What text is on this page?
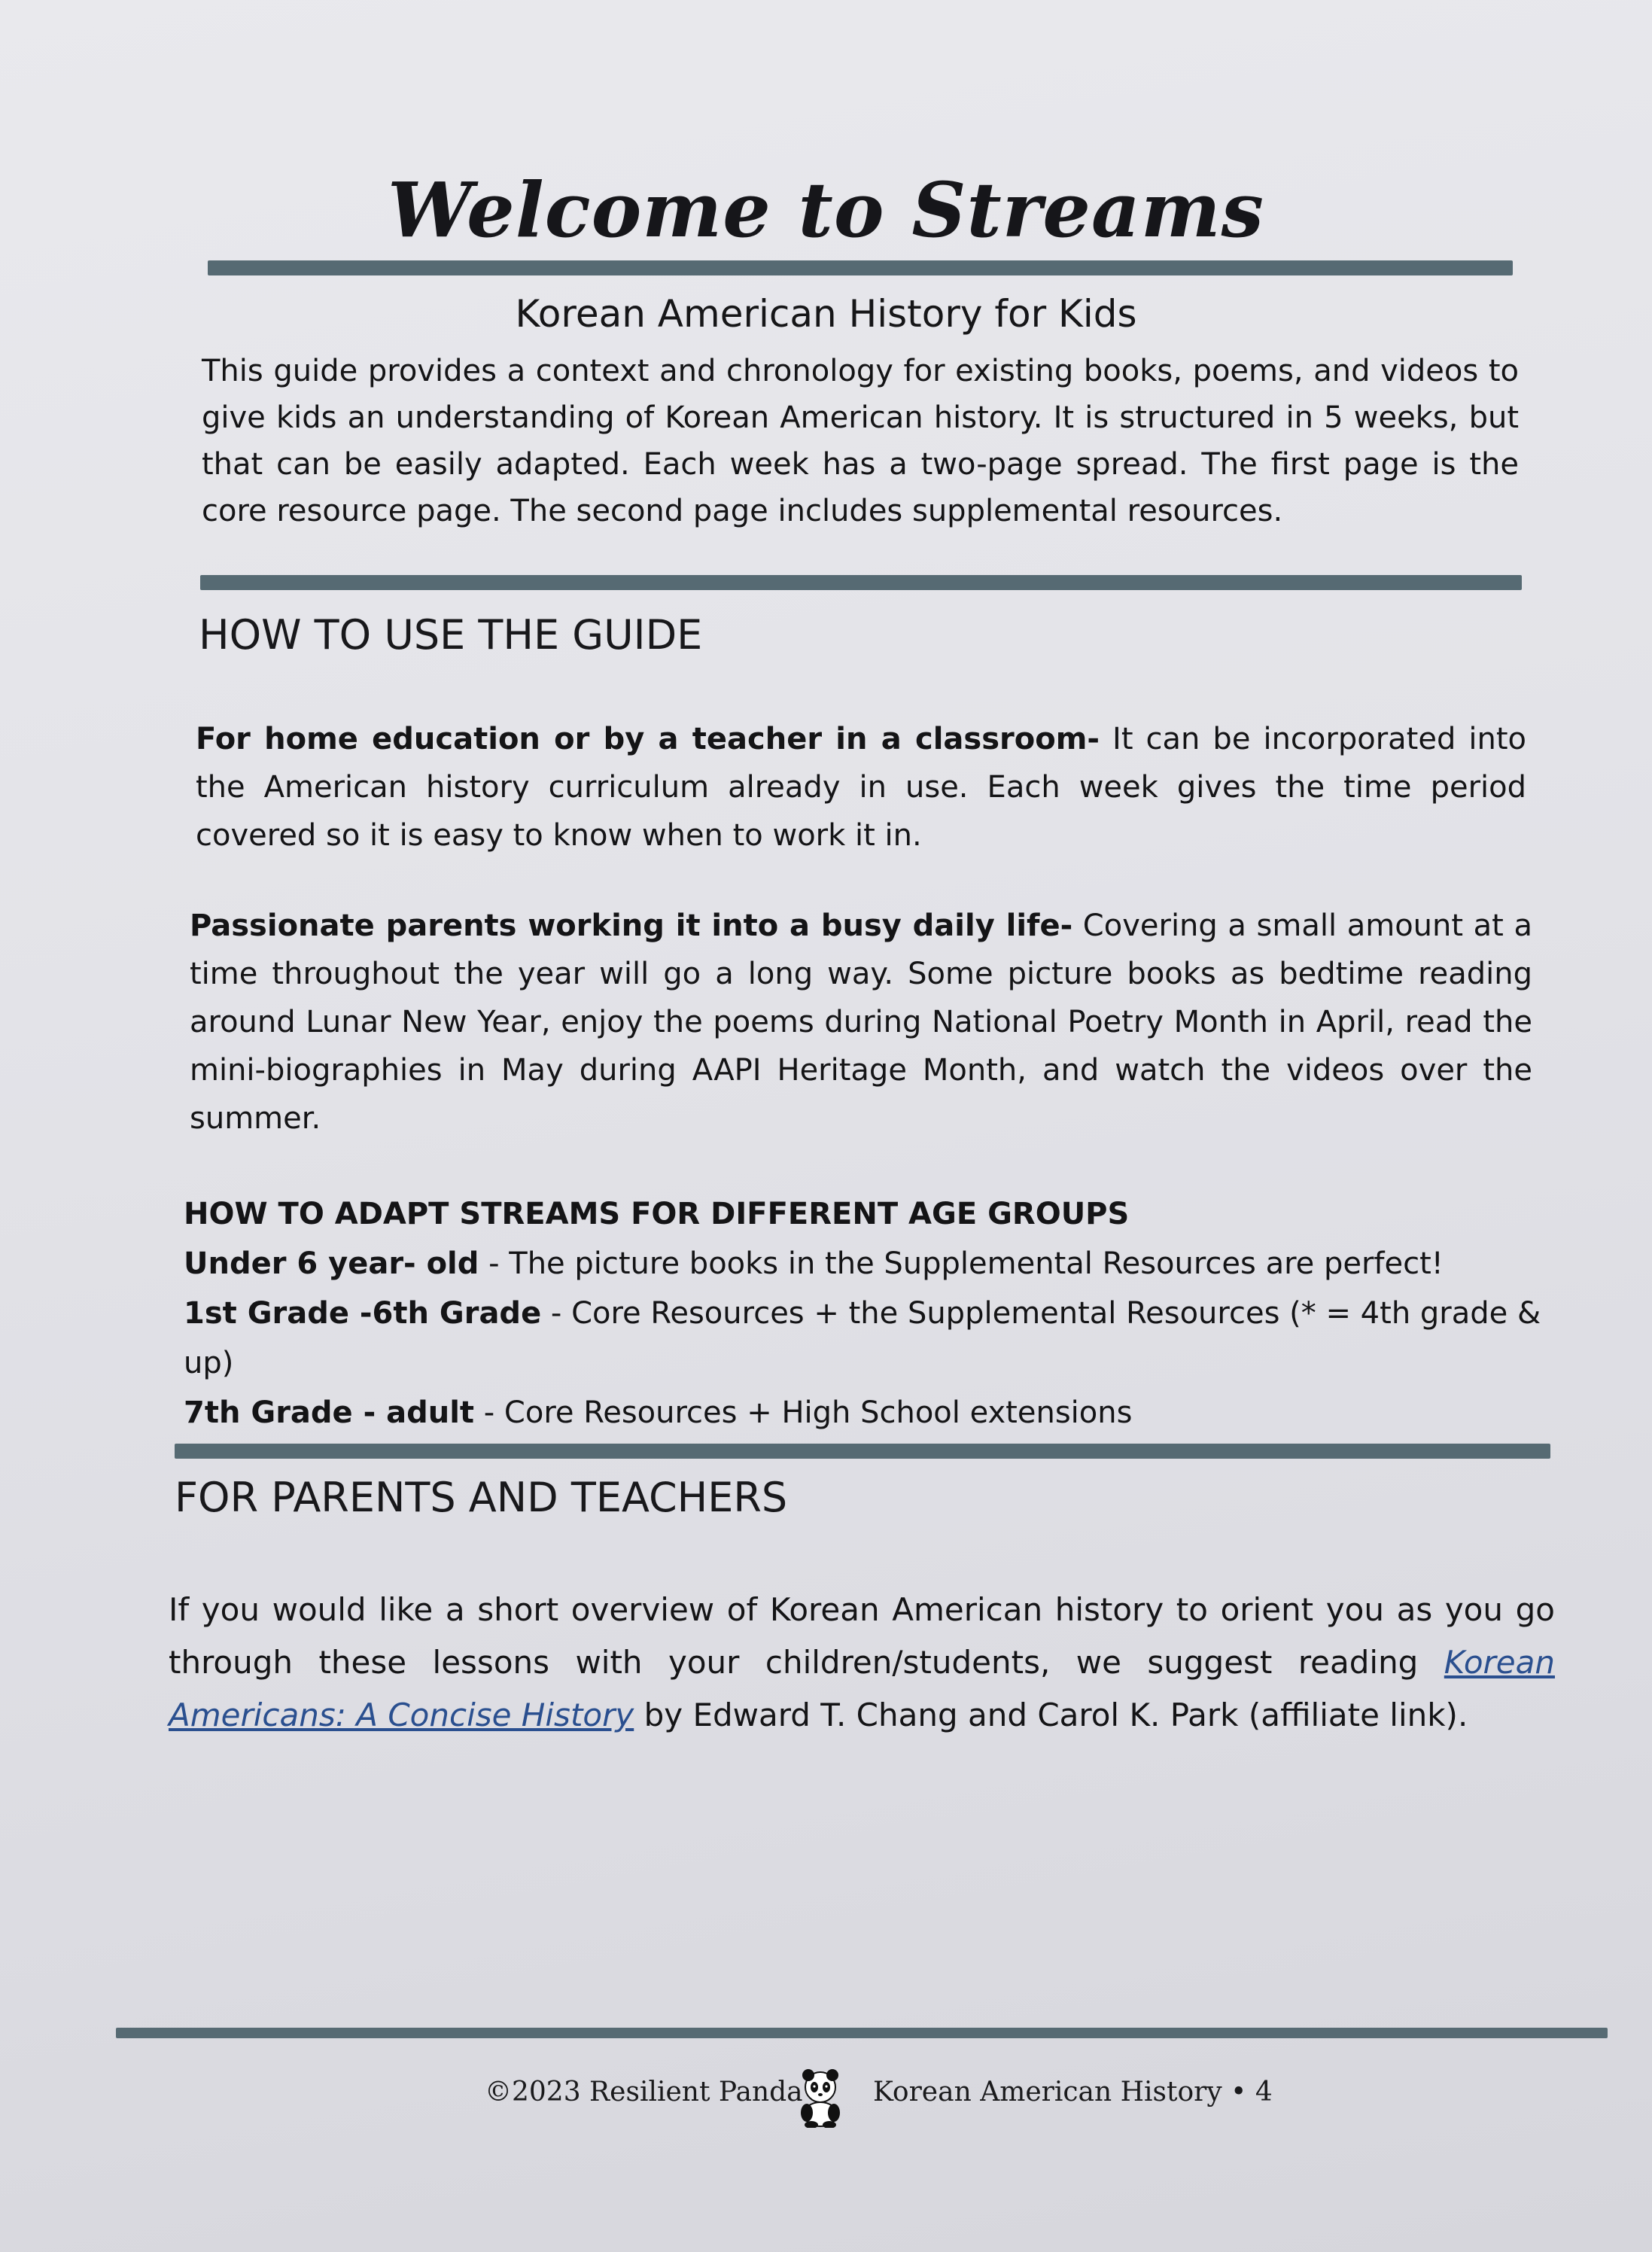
Welcome to Streams
Korean American History for Kids

This guide provides a context and chronology for existing books, poems, and videos to give kids an understanding of Korean American history. It is structured in 5 weeks, but that can be easily adapted. Each week has a two-page spread. The first page is the core resource page. The second page includes supplemental resources.

HOW TO USE THE GUIDE

For home education or by a teacher in a classroom- It can be incorporated into the American history curriculum already in use. Each week gives the time period covered so it is easy to know when to work it in.

Passionate parents working it into a busy daily life- Covering a small amount at a time throughout the year will go a long way. Some picture books as bedtime reading around Lunar New Year, enjoy the poems during National Poetry Month in April, read the mini-biographies in May during AAPI Heritage Month, and watch the videos over the summer.

HOW TO ADAPT STREAMS FOR DIFFERENT AGE GROUPS
Under 6 year- old - The picture books in the Supplemental Resources are perfect!
1st Grade -6th Grade - Core Resources + the Supplemental Resources (* = 4th grade & up)
7th Grade - adult - Core Resources + High School extensions
FOR PARENTS AND TEACHERS

If you would like a short overview of Korean American history to orient you as you go through these lessons with your children/students, we suggest reading Korean Americans: A Concise History by Edward T. Chang and Carol K. Park (affiliate link).

©2023 Resilient Panda	Korean American History • 4
